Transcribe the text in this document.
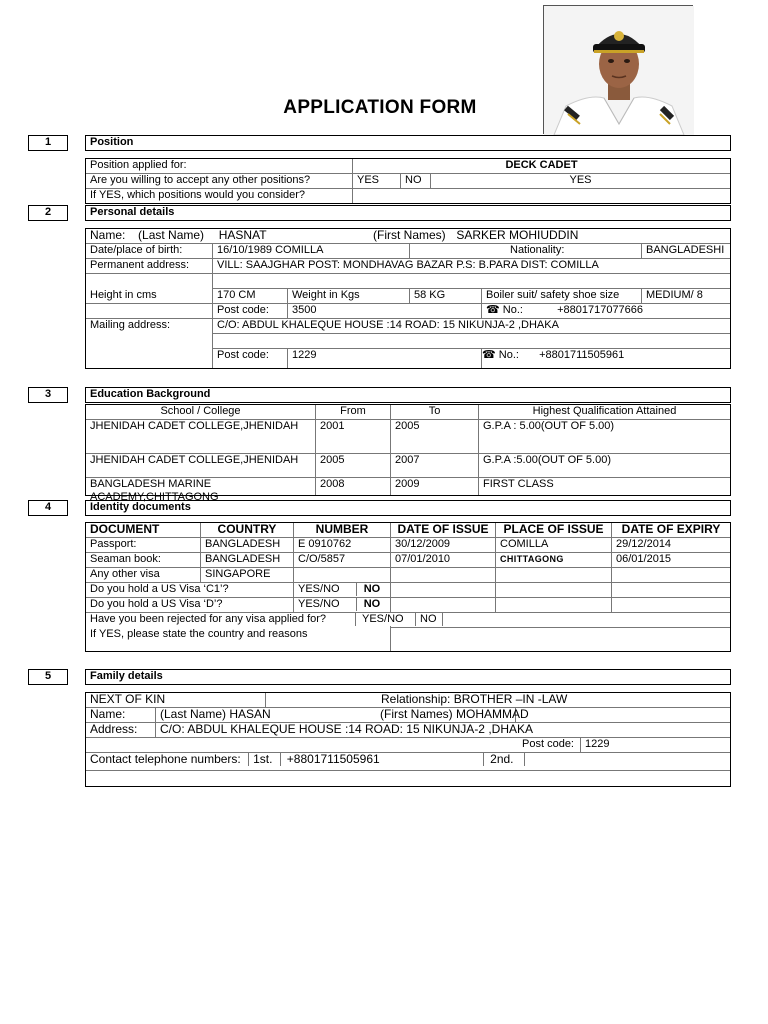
APPLICATION FORM
1	Position
Position applied for:	DECK CADET		
Are you willing to accept any other positions?	YES	NO	YES
If YES, which positions would you consider?			
2	Personal details
Name: (Last Name) HASNAT (First Names) SARKER MOHIUDDIN					
Date/place of birth:	16/10/1989 COMILLA		Nationality:		BANGLADESHI
Permanent address:	VILL: SAAJGHAR POST: MONDHAVAG BAZAR P.S: B.PARA DIST: COMILLA				

Height in cms	170 CM	Weight in Kgs	58 KG	Boiler suit/ safety shoe size	MEDIUM/ 8
	Post code:	3500		☎ No.: +8801717077666	
Mailing address:	C/O: ABDUL KHALEQUE HOUSE :14 ROAD: 15 NIKUNJA-2 ,DHAKA				

	Post code:	1229		☎ No.: +8801711505961	
3	Education Background
School / College	From	To	Highest Qualification Attained
JHENIDAH CADET COLLEGE,JHENIDAH	2001	2005	G.P.A : 5.00(OUT OF 5.00)

JHENIDAH CADET COLLEGE,JHENIDAH	2005	2007	G.P.A :5.00(OUT OF 5.00)

BANGLADESH MARINE ACADEMY,CHITTAGONG	2008	2009	FIRST CLASS
4	Identity documents
DOCUMENT	COUNTRY	NUMBER	DATE OF ISSUE	PLACE OF ISSUE	DATE OF EXPIRY
Passport:	BANGLADESH	E 0910762	30/12/2009	COMILLA	29/12/2014
Seaman book:	BANGLADESH	C/O/5857	07/01/2010	CHITTAGONG	06/01/2015
Any other visa	SINGAPORE				
Do you hold a US Visa ‘C1’?		YES/NO NO			
Do you hold a US Visa ‘D’?		YES/NO NO			
Have you been rejected for any visa applied for?			YES/NO NO		

If YES, please state the country and reasons					
5	Family details
NEXT OF KIN	Relationship: BROTHER –IN -LAW
Name:	(Last Name) HASAN	(First Names) MOHAMMAD
Address:	C/O: ABDUL KHALEQUE HOUSE :14 ROAD: 15 NIKUNJA-2 ,DHAKA
	Post code:	1229
Contact telephone numbers: 1st. +8801711505961	2nd.
